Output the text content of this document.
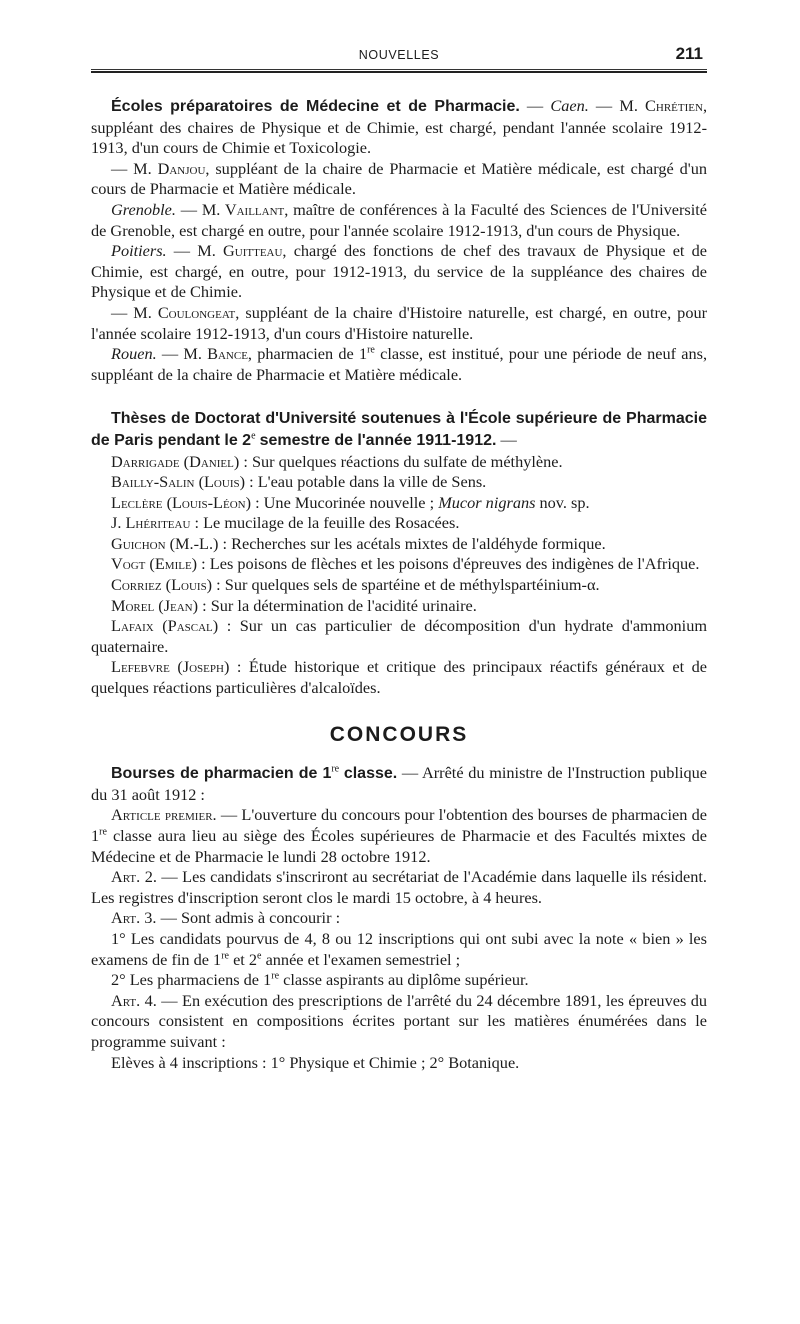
NOUVELLES	211

Écoles préparatoires de Médecine et de Pharmacie. — Caen. — M. Chrétien, suppléant des chaires de Physique et de Chimie, est chargé, pendant l'année scolaire 1912-1913, d'un cours de Chimie et Toxicologie.

— M. Danjou, suppléant de la chaire de Pharmacie et Matière médicale, est chargé d'un cours de Pharmacie et Matière médicale.

Grenoble. — M. Vaillant, maître de conférences à la Faculté des Sciences de l'Université de Grenoble, est chargé en outre, pour l'année scolaire 1912-1913, d'un cours de Physique.

Poitiers. — M. Guitteau, chargé des fonctions de chef des travaux de Physique et de Chimie, est chargé, en outre, pour 1912-1913, du service de la suppléance des chaires de Physique et de Chimie.

— M. Coulongeat, suppléant de la chaire d'Histoire naturelle, est chargé, en outre, pour l'année scolaire 1912-1913, d'un cours d'Histoire naturelle.

Rouen. — M. Bance, pharmacien de 1re classe, est institué, pour une période de neuf ans, suppléant de la chaire de Pharmacie et Matière médicale.

Thèses de Doctorat d'Université soutenues à l'École supérieure de Pharmacie de Paris pendant le 2e semestre de l'année 1911-1912. —

Darrigade (Daniel) : Sur quelques réactions du sulfate de méthylène.

Bailly-Salin (Louis) : L'eau potable dans la ville de Sens.

Leclère (Louis-Léon) : Une Mucorinée nouvelle ; Mucor nigrans nov. sp.

J. Lhériteau : Le mucilage de la feuille des Rosacées.

Guichon (M.-L.) : Recherches sur les acétals mixtes de l'aldéhyde formique.

Vogt (Emile) : Les poisons de flèches et les poisons d'épreuves des indigènes de l'Afrique.

Corriez (Louis) : Sur quelques sels de spartéine et de méthylspartéinium-α.

Morel (Jean) : Sur la détermination de l'acidité urinaire.

Lafaix (Pascal) : Sur un cas particulier de décomposition d'un hydrate d'ammonium quaternaire.

Lefebvre (Joseph) : Étude historique et critique des principaux réactifs généraux et de quelques réactions particulières d'alcaloïdes.

CONCOURS

Bourses de pharmacien de 1re classe. — Arrêté du ministre de l'Instruction publique du 31 août 1912 :

Article premier. — L'ouverture du concours pour l'obtention des bourses de pharmacien de 1re classe aura lieu au siège des Écoles supérieures de Pharmacie et des Facultés mixtes de Médecine et de Pharmacie le lundi 28 octobre 1912.

Art. 2. — Les candidats s'inscriront au secrétariat de l'Académie dans laquelle ils résident. Les registres d'inscription seront clos le mardi 15 octobre, à 4 heures.

Art. 3. — Sont admis à concourir :

1° Les candidats pourvus de 4, 8 ou 12 inscriptions qui ont subi avec la note « bien » les examens de fin de 1re et 2e année et l'examen semestriel ;

2° Les pharmaciens de 1re classe aspirants au diplôme supérieur.

Art. 4. — En exécution des prescriptions de l'arrêté du 24 décembre 1891, les épreuves du concours consistent en compositions écrites portant sur les matières énumérées dans le programme suivant :

Elèves à 4 inscriptions : 1° Physique et Chimie ; 2° Botanique.
